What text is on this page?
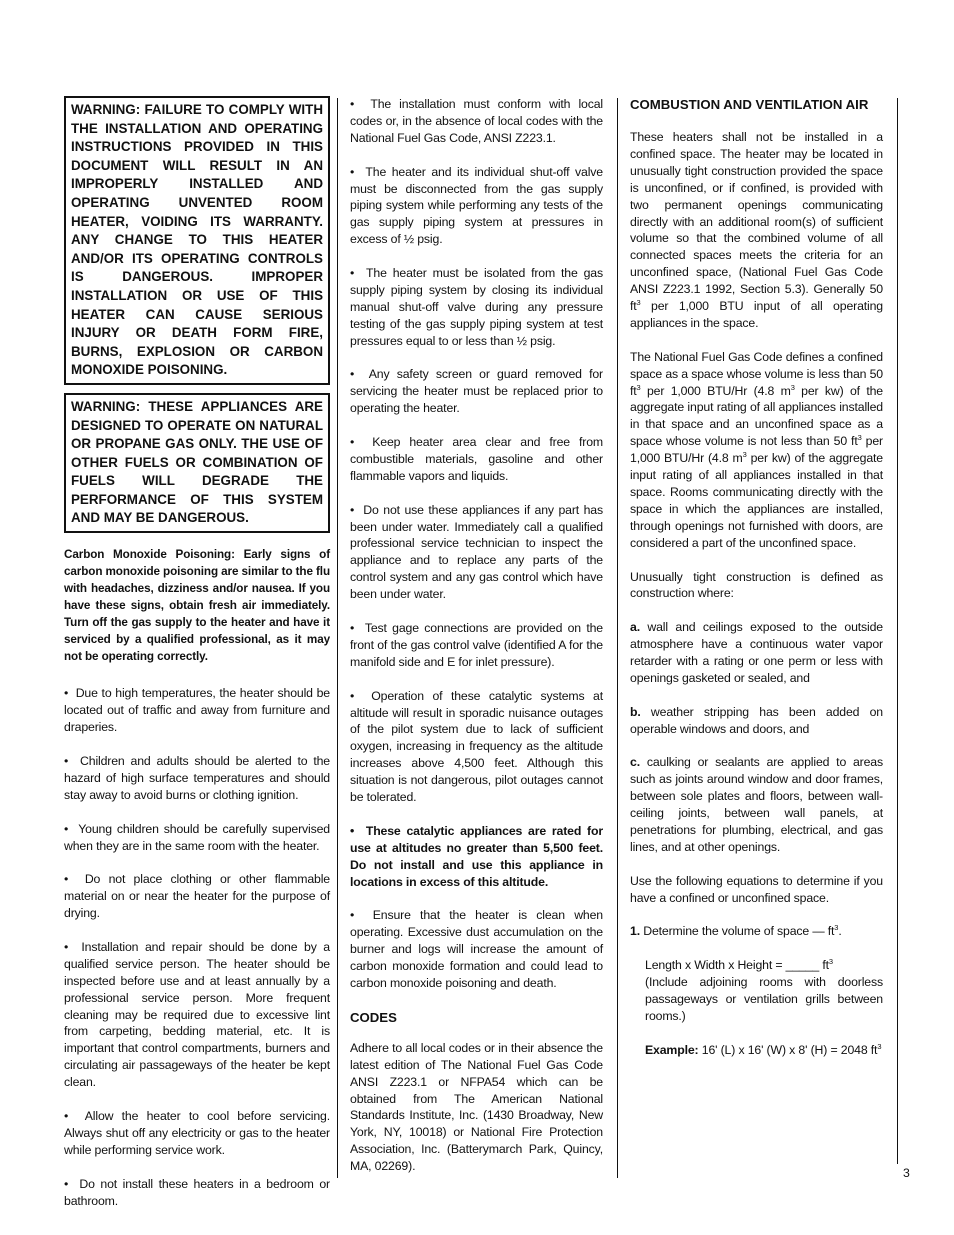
WARNING: FAILURE TO COMPLY WITH THE INSTALLATION AND OPERATING INSTRUCTIONS PROVIDED IN THIS DOCUMENT WILL RESULT IN AN IMPROPERLY INSTALLED AND OPERATING UNVENTED ROOM HEATER, VOIDING ITS WARRANTY. ANY CHANGE TO THIS HEATER AND/OR ITS OPERATING CONTROLS IS DANGEROUS. IMPROPER INSTALLATION OR USE OF THIS HEATER CAN CAUSE SERIOUS INJURY OR DEATH FORM FIRE, BURNS, EXPLOSION OR CARBON MONOXIDE POISONING.
WARNING: THESE APPLIANCES ARE DESIGNED TO OPERATE ON NATURAL OR PROPANE GAS ONLY. THE USE OF OTHER FUELS OR COMBINATION OF FUELS WILL DEGRADE THE PERFORMANCE OF THIS SYSTEM AND MAY BE DANGEROUS.

Carbon Monoxide Poisoning: Early signs of carbon monoxide poisoning are similar to the flu with headaches, dizziness and/or nausea. If you have these signs, obtain fresh air immediately. Turn off the gas supply to the heater and have it serviced by a qualified professional, as it may not be operating correctly.

•  Due to high temperatures, the heater should be located out of traffic and away from furniture and draperies.

•  Children and adults should be alerted to the hazard of high surface temperatures and should stay away to avoid burns or clothing ignition.

•  Young children should be carefully supervised when they are in the same room with the heater.

•  Do not place clothing or other flammable material on or near the heater for the purpose of drying.

•  Installation and repair should be done by a qualified service person. The heater should be inspected before use and at least annually by a professional service person. More frequent cleaning may be required due to excessive lint from carpeting, bedding material, etc. It is important that control compartments, burners and circulating air passageways of the heater be kept clean.

•  Allow the heater to cool before servicing. Always shut off any electricity or gas to the heater while performing service work.

•  Do not install these heaters in a bedroom or bathroom.

•  The installation must conform with local codes or, in the absence of local codes with the National Fuel Gas Code, ANSI Z223.1.

•  The heater and its individual shut-off valve must be disconnected from the gas supply piping system while performing any tests of the gas supply piping system at pressures in excess of ½ psig.

•  The heater must be isolated from the gas supply piping system by closing its individual manual shut-off valve during any pressure testing of the gas supply piping system at test pressures equal to or less than ½ psig.

•  Any safety screen or guard removed for servicing the heater must be replaced prior to operating the heater.

•  Keep heater area clear and free from combustible materials, gasoline and other flammable vapors and liquids.

•  Do not use these appliances if any part has been under water. Immediately call a qualified professional service technician to inspect the appliance and to replace any parts of the control system and any gas control which have been under water.

•  Test gage connections are provided on the front of the gas control valve (identified A for the manifold side and E for inlet pressure).

•  Operation of these catalytic systems at altitude will result in sporadic nuisance outages of the pilot system due to lack of sufficient oxygen, increasing in frequency as the altitude increases above 4,500 feet. Although this situation is not dangerous, pilot outages cannot be tolerated.

•  These catalytic appliances are rated for use at altitudes no greater than 5,500 feet. Do not install and use this appliance in locations in excess of this altitude.

•  Ensure that the heater is clean when operating. Excessive dust accumulation on the burner and logs will increase the amount of carbon monoxide formation and could lead to carbon monoxide poisoning and death.

CODES

Adhere to all local codes or in their absence the latest edition of The National Fuel Gas Code ANSI Z223.1 or NFPA54 which can be obtained from The American National Standards Institute, Inc. (1430 Broadway, New York, NY, 10018) or National Fire Protection Association, Inc. (Batterymarch Park, Quincy, MA, 02269).

COMBUSTION AND VENTILATION AIR

These heaters shall not be installed in a confined space. The heater may be located in unusually tight construction provided the space is unconfined, or if confined, is provided with two permanent openings communicating directly with an additional room(s) of sufficient volume so that the combined volume of all connected spaces meets the criteria for an unconfined space, (National Fuel Gas Code ANSI Z223.1 1992, Section 5.3). Generally 50 $ft^3$ per 1,000 BTU input of all operating appliances in the space.

The National Fuel Gas Code defines a confined space as a space whose volume is less than 50 $ft^3$ per 1,000 BTU/Hr (4.8 $m^3$ per kw) of the aggregate input rating of all appliances installed in that space and an unconfined space as a space whose volume is not less than 50 $ft^3$ per 1,000 BTU/Hr (4.8 $m^3$ per kw) of the aggregate input rating of all appliances installed in that space. Rooms communicating directly with the space in which the appliances are installed, through openings not furnished with doors, are considered a part of the unconfined space.

Unusually tight construction is defined as construction where:

a. wall and ceilings exposed to the outside atmosphere have a continuous water vapor retarder with a rating or one perm or less with openings gasketed or sealed, and

b. weather stripping has been added on operable windows and doors, and

c. caulking or sealants are applied to areas such as joints around window and door frames, between sole plates and floors, between wall-ceiling joints, between wall panels, at penetrations for plumbing, electrical, and gas lines, and at other openings.

Use the following equations to determine if you have a confined or unconfined space.

1. Determine the volume of space — $ft^3$.

Length x Width x Height = _____ $ft^3$

(Include adjoining rooms with doorless passageways or ventilation grills between rooms.)

Example: 16' (L) x 16' (W) x 8' (H) = 2048 $ft^3$

3
